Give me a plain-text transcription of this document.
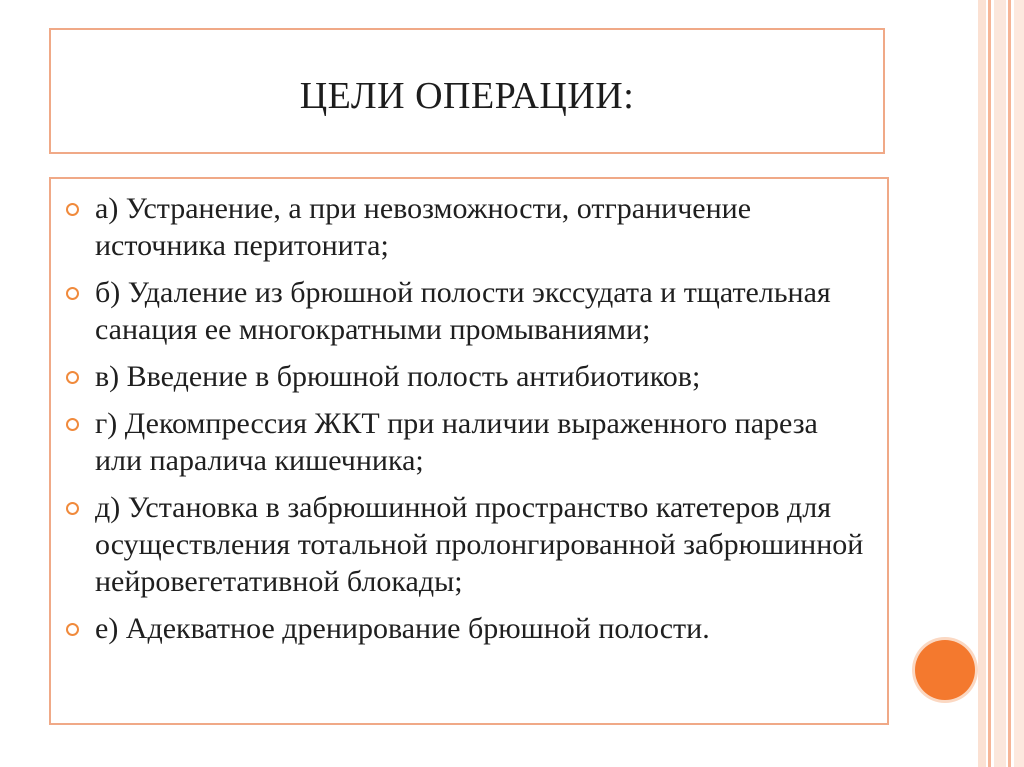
ЦЕЛИ ОПЕРАЦИИ:
а) Устранение, а при невозможности, отграничение источника перитонита;
б) Удаление из брюшной полости экссудата и тщательная санация ее многократными промываниями;
в) Введение в брюшной полость антибиотиков;
г) Декомпрессия ЖКТ при наличии выраженного пареза или паралича кишечника;
д) Установка в забрюшинной пространство катетеров для осуществления тотальной пролонгированной забрюшинной нейровегетативной блокады;
е) Адекватное дренирование брюшной полости.
